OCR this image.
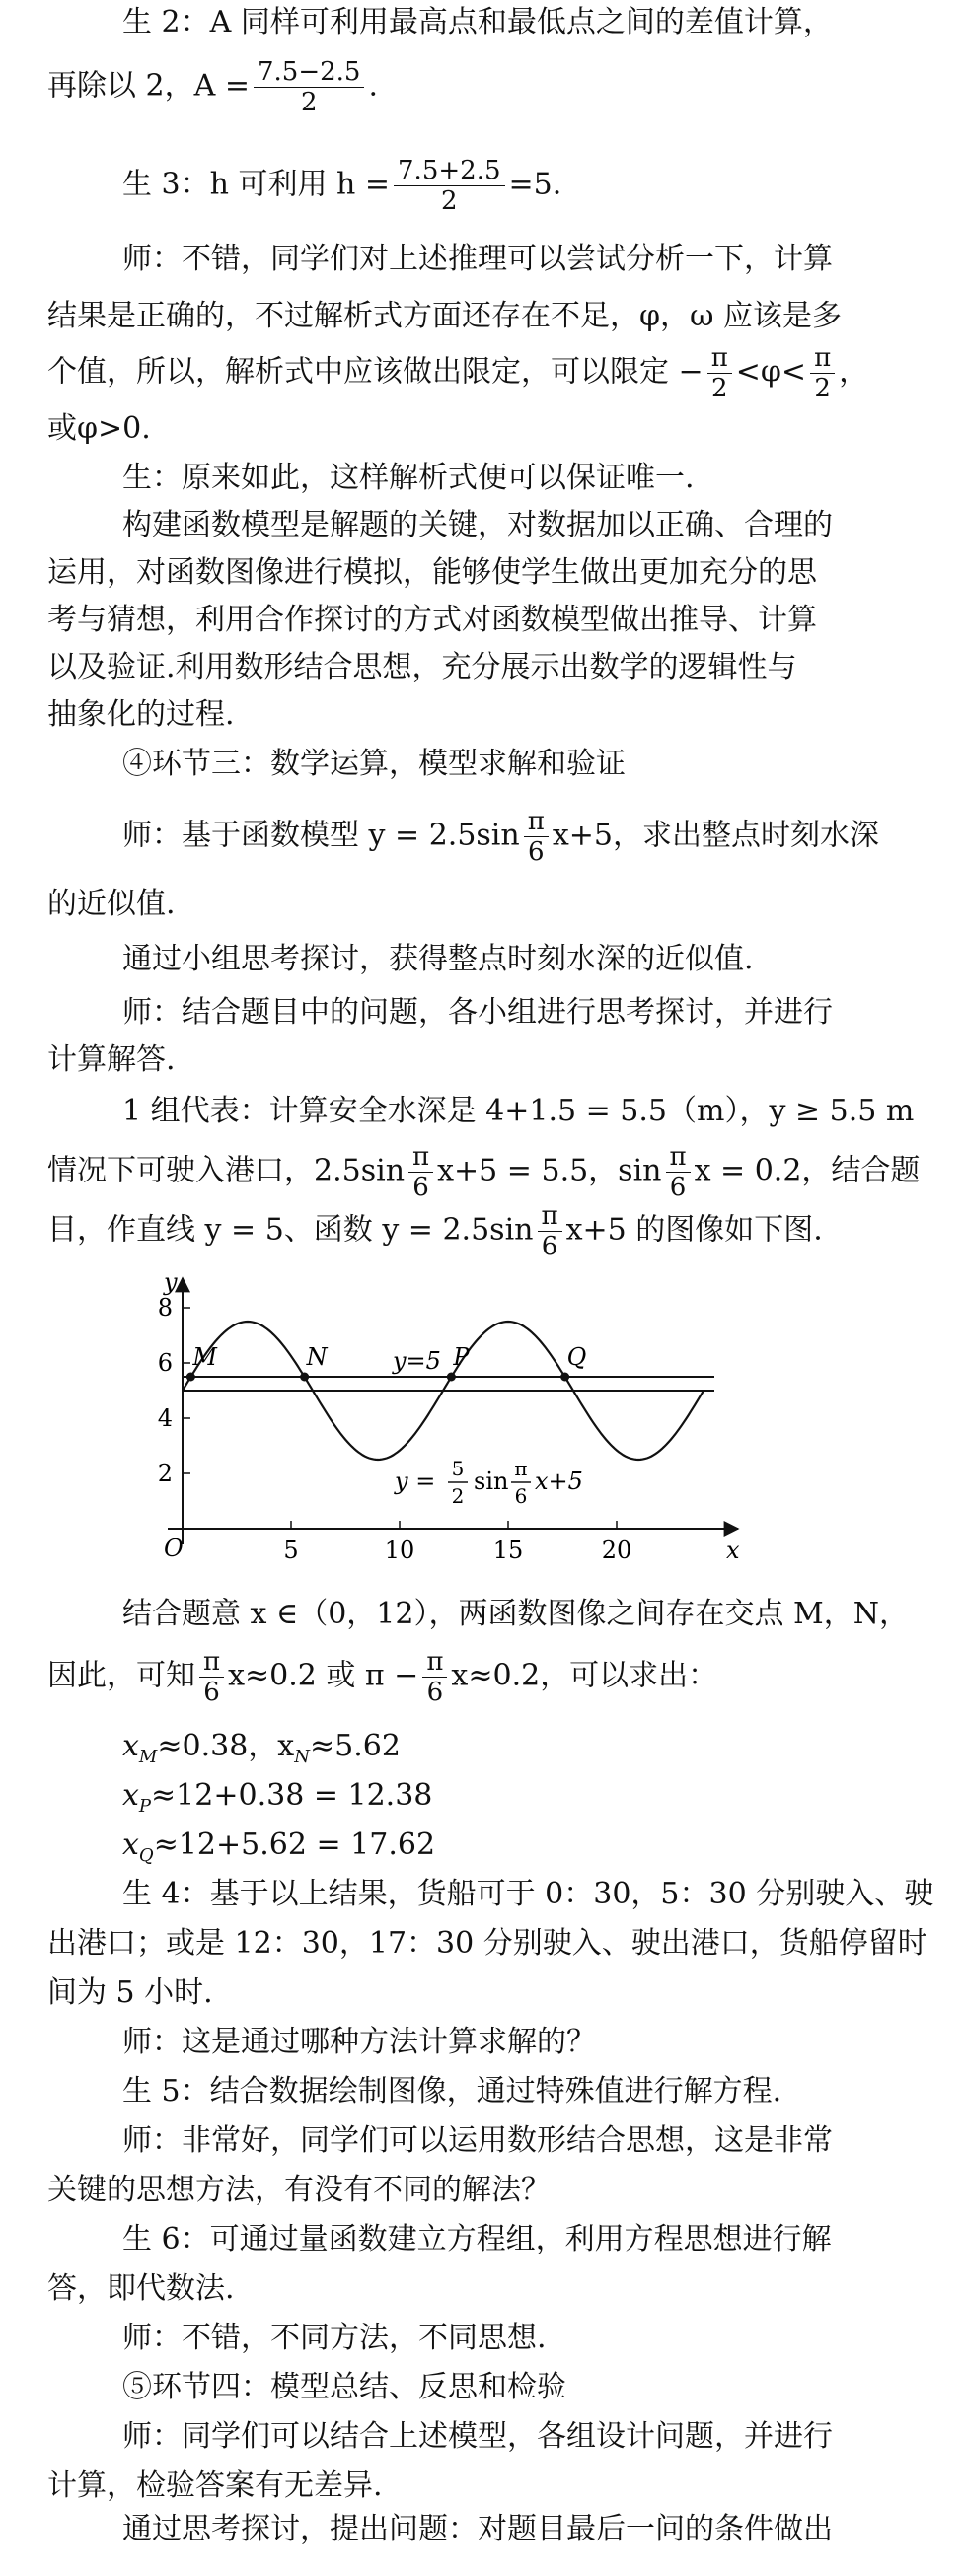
生 2：A 同样可利用最高点和最低点之间的差值计算，
再除以 2，$A = \frac{7.5-2.5}{2}$ .
生 3：h 可利用 $h = \frac{7.5+2.5}{2} =5$.
师：不错，同学们对上述推理可以尝试分析一下，计算
结果是正确的，不过解析式方面还存在不足，φ，ω 应该是多
个值，所以，解析式中应该做出限定，可以限定 − $\frac{\pi}{2} <\varphi< \frac{\pi}{2}$ ，
或φ>0.
生：原来如此，这样解析式便可以保证唯一.
构建函数模型是解题的关键，对数据加以正确、合理的
运用，对函数图像进行模拟，能够使学生做出更加充分的思
考与猜想，利用合作探讨的方式对函数模型做出推导、计算
以及验证.利用数形结合思想，充分展示出数学的逻辑性与
抽象化的过程.
④环节三：数学运算，模型求解和验证
师：基于函数模型 $y = 2.5\sin \frac{\pi}{6} x+5$，求出整点时刻水深
的近似值.
通过小组思考探讨，获得整点时刻水深的近似值.
师：结合题目中的问题，各小组进行思考探讨，并进行
计算解答.
1 组代表：计算安全水深是 4+1.5 = 5.5（m），y ≥ 5.5 m
情况下可驶入港口，$2.5\sin \frac{\pi}{6} x+5 = 5.5$，$\sin \frac{\pi}{6}$ x = 0.2，结合题
目，作直线 y = 5、函数 $y = 2.5\sin \frac{\pi}{6} x+5$ 的图像如下图.
2
4
6
8
5	10	15	20
M	N	P	Q
y
x
O
y=5
y = 5
2
sin π
6
x+5
结合题意 x ∈（0，12），两函数图像之间存在交点 M，N，
因此，可知 $\frac{\pi}{6} x\approx 0.2$ 或 $\pi - \frac{\pi}{6} x\approx 0.2$，可以求出：
$x_M\approx 0.38$，$x_N\approx 5.62$
$x_P\approx 12+0.38 = 12.38$
$x_Q\approx 12+5.62 = 17.62$
生 4：基于以上结果，货船可于 0：30，5：30 分别驶入、驶
出港口；或是 12：30，17：30 分别驶入、驶出港口，货船停留时
间为 5 小时.
师：这是通过哪种方法计算求解的？
生 5：结合数据绘制图像，通过特殊值进行解方程.
师：非常好，同学们可以运用数形结合思想，这是非常
关键的思想方法，有没有不同的解法？
生 6：可通过量函数建立方程组，利用方程思想进行解
答，即代数法.
师：不错，不同方法，不同思想.
⑤环节四：模型总结、反思和检验
师：同学们可以结合上述模型，各组设计问题，并进行
计算，检验答案有无差异.
通过思考探讨，提出问题：对题目最后一问的条件做出
